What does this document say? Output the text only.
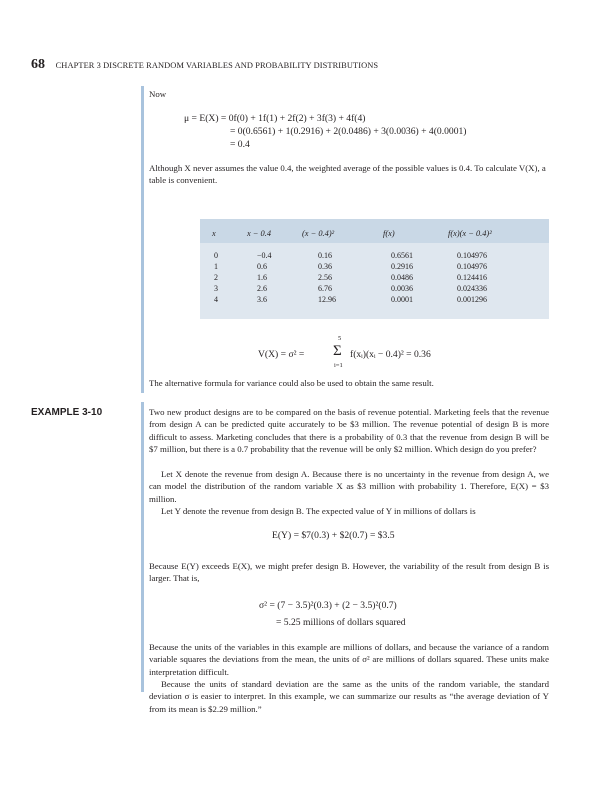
68 CHAPTER 3 DISCRETE RANDOM VARIABLES AND PROBABILITY DISTRIBUTIONS
Now
μ = E(X) = 0f(0) + 1f(1) + 2f(2) + 3f(3) + 4f(4)
= 0(0.6561) + 1(0.2916) + 2(0.0486) + 3(0.0036) + 4(0.0001)
= 0.4
Although X never assumes the value 0.4, the weighted average of the possible values is 0.4. To calculate V(X), a table is convenient.
x	x − 0.4	(x − 0.4)²	f(x)	f(x)(x − 0.4)²
0	−0.4	0.16	0.6561	0.104976
1	0.6	0.36	0.2916	0.104976
2	1.6	2.56	0.0486	0.124416
3	2.6	6.76	0.0036	0.024336
4	3.6	12.96	0.0001	0.001296
V(X) = σ² =
5
Σ
i=1
f(xᵢ)(xᵢ − 0.4)² = 0.36
The alternative formula for variance could also be used to obtain the same result.
EXAMPLE 3-10	Two new product designs are to be compared on the basis of revenue potential. Marketing feels that the revenue from design A can be predicted quite accurately to be $3 million. The revenue potential of design B is more difficult to assess. Marketing concludes that there is a probability of 0.3 that the revenue from design B will be $7 million, but there is a 0.7 probability that the revenue will be only $2 million. Which design do you prefer?
Let X denote the revenue from design A. Because there is no uncertainty in the revenue from design A, we can model the distribution of the random variable X as $3 million with probability 1. Therefore, E(X) = $3 million.
Let Y denote the revenue from design B. The expected value of Y in millions of dollars is
E(Y) = $7(0.3) + $2(0.7) = $3.5
Because E(Y) exceeds E(X), we might prefer design B. However, the variability of the result from design B is larger. That is,
σ² = (7 − 3.5)²(0.3) + (2 − 3.5)²(0.7)
= 5.25 millions of dollars squared
Because the units of the variables in this example are millions of dollars, and because the variance of a random variable squares the deviations from the mean, the units of σ² are millions of dollars squared. These units make interpretation difficult.
Because the units of standard deviation are the same as the units of the random variable, the standard deviation σ is easier to interpret. In this example, we can summarize our results as “the average deviation of Y from its mean is $2.29 million.”
